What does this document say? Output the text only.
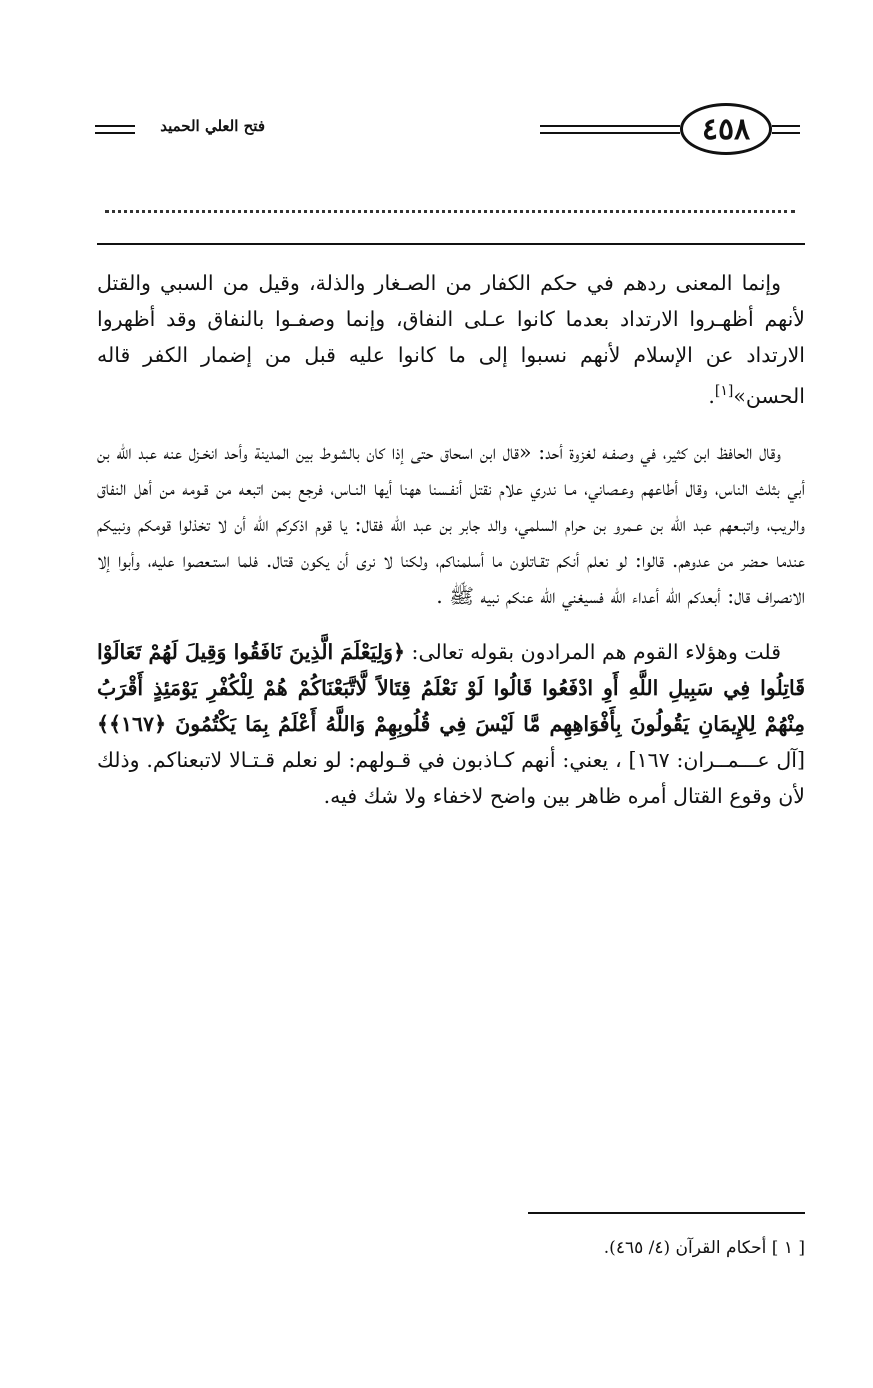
فتح العلي الحميد	٤٥٨

وإنما المعنى ردهم في حكم الكفار من الصـغار والذلة، وقيل من السبي والقتل لأنهم أظهـروا الارتداد بعدما كانوا عـلى النفاق، وإنما وصفـوا بالنفاق وقد أظهروا الارتداد عن الإسلام لأنهم نسبوا إلى ما كانوا عليه قبل من إضمار الكفر قاله الحسن»[١].

وقال الحافظ ابن كثير، في وصفـه لغزوة أحد: «قال ابن اسحاق حتى إذا كان بالشوط بين المدينة وأحد انخـزل عنه عبد الله بن أبي بثلث الناس، وقال أطاعهم وعـصاني، مـا ندري علام نقتل أنفـسنا ههنا أيها النـاس، فرجع بمن اتبعه من قـومه من أهل النفاق والريب، واتبـعهم عبد الله بن عـمرو بن حرام السلمي، والد جابر بن عبد الله فقال: يا قوم اذكركم الله أن لا تخذلوا قومكم ونبيكم عندما حـضر من عدوهم. قالوا: لو نعلم أنكم تقـاتلون ما أسلمناكم، ولكنا لا نرى أن يكون قتال. فلما استـعصوا عليه، وأبوا إلا الانصراف قال: أبعدكم الله أعداء الله فسيغني الله عنكم نبيه ﷺ .

قلت وهؤلاء القوم هم المرادون بقوله تعالى: ﴿وَلِيَعْلَمَ الَّذِينَ نَافَقُوا وَقِيلَ لَهُمْ تَعَالَوْا قَاتِلُوا فِي سَبِيلِ اللَّهِ أَوِ ادْفَعُوا قَالُوا لَوْ نَعْلَمُ قِتَالاً لَّاتَّبَعْنَاكُمْ هُمْ لِلْكُفْرِ يَوْمَئِذٍ أَقْرَبُ مِنْهُمْ لِلإِيمَانِ يَقُولُونَ بِأَفْوَاهِهِم مَّا لَيْسَ فِي قُلُوبِهِمْ وَاللَّهُ أَعْلَمُ بِمَا يَكْتُمُونَ ﴿١٦٧﴾﴾ [آل عـــمــران: ١٦٧] ، يعني: أنهم كـاذبون في قـولهم: لو نعلم قـتـالا لاتبعناكم. وذلك لأن وقوع القتال أمره ظاهر بين واضح لاخفاء ولا شك فيه.

[ ١ ] أحكام القرآن (٤/ ٤٦٥).
